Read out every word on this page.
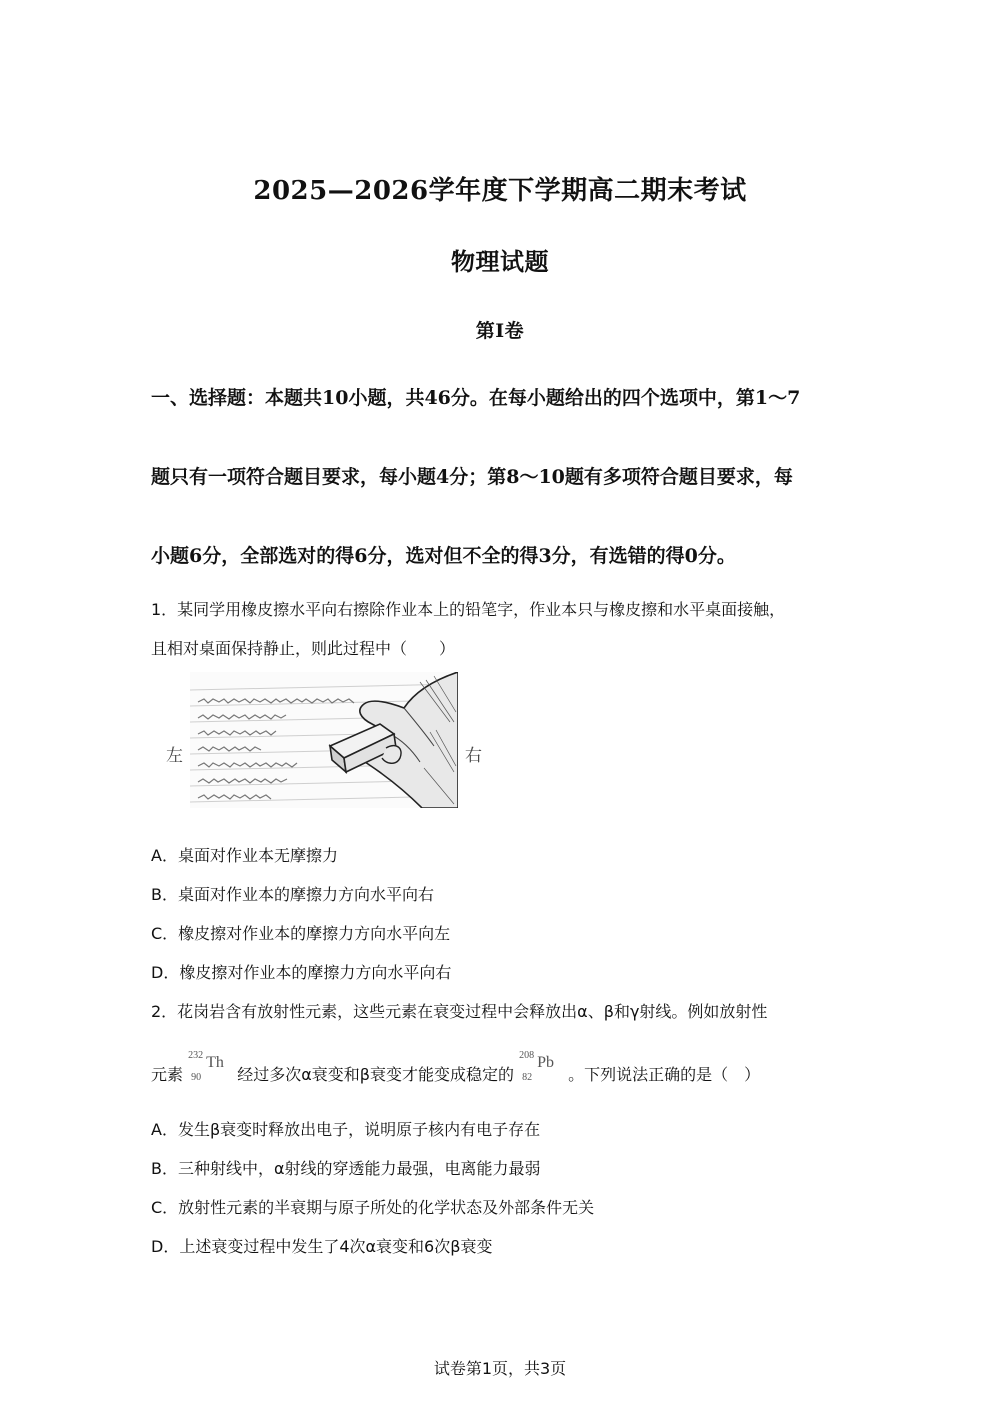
2025—2026学年度下学期高二期末考试
物理试题
第Ⅰ卷
一、选择题：本题共10小题，共46分。在每小题给出的四个选项中，第1～7
题只有一项符合题目要求，每小题4分；第8～10题有多项符合题目要求，每
小题6分，全部选对的得6分，选对但不全的得3分，有选错的得0分。
1．某同学用橡皮擦水平向右擦除作业本上的铅笔字，作业本只与橡皮擦和水平桌面接触，
且相对桌面保持静止，则此过程中（　　）
左	右
A．桌面对作业本无摩擦力
B．桌面对作业本的摩擦力方向水平向右
C．橡皮擦对作业本的摩擦力方向水平向左
D．橡皮擦对作业本的摩擦力方向水平向右
2．花岗岩含有放射性元素，这些元素在衰变过程中会释放出α、β和γ射线。例如放射性
元素
232
90
Th
经过多次α衰变和β衰变才能变成稳定的
208
82
Pb
。下列说法正确的是（　）
A．发生β衰变时释放出电子，说明原子核内有电子存在
B．三种射线中，α射线的穿透能力最强，电离能力最弱
C．放射性元素的半衰期与原子所处的化学状态及外部条件无关
D．上述衰变过程中发生了4次α衰变和6次β衰变
试卷第1页，共3页
